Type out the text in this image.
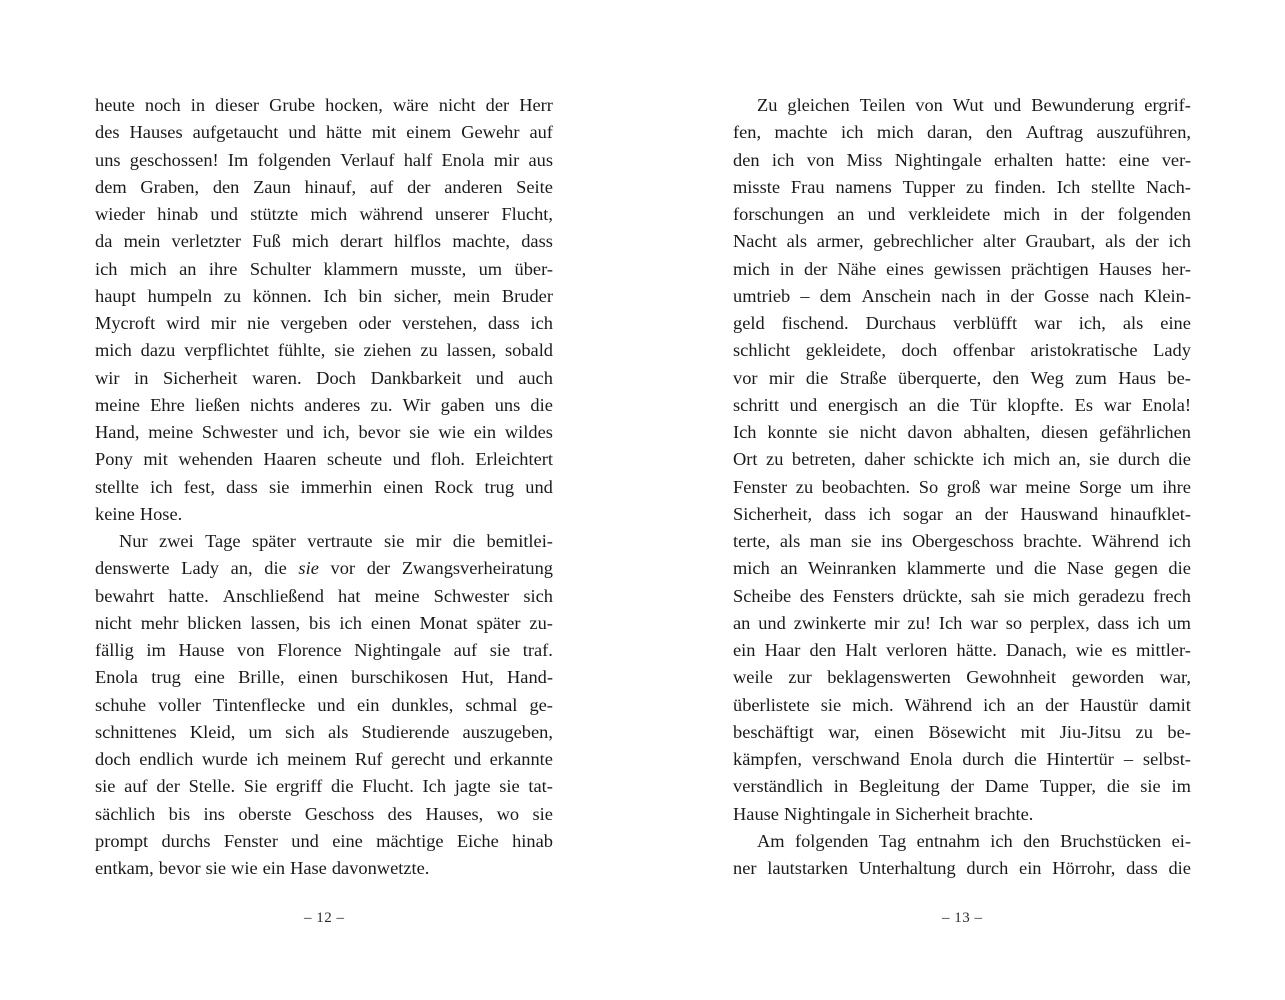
heute noch in dieser Grube hocken, wäre nicht der Herr
des Hauses aufgetaucht und hätte mit einem Gewehr auf
uns geschossen! Im folgenden Verlauf half Enola mir aus
dem Graben, den Zaun hinauf, auf der anderen Seite
wieder hinab und stützte mich während unserer Flucht,
da mein verletzter Fuß mich derart hilflos machte, dass
ich mich an ihre Schulter klammern musste, um über-
haupt humpeln zu können. Ich bin sicher, mein Bruder
Mycroft wird mir nie vergeben oder verstehen, dass ich
mich dazu verpflichtet fühlte, sie ziehen zu lassen, sobald
wir in Sicherheit waren. Doch Dankbarkeit und auch
meine Ehre ließen nichts anderes zu. Wir gaben uns die
Hand, meine Schwester und ich, bevor sie wie ein wildes
Pony mit wehenden Haaren scheute und floh. Erleichtert
stellte ich fest, dass sie immerhin einen Rock trug und
keine Hose.
Nur zwei Tage später vertraute sie mir die bemitlei-
denswerte Lady an, die sie vor der Zwangsverheiratung
bewahrt hatte. Anschließend hat meine Schwester sich
nicht mehr blicken lassen, bis ich einen Monat später zu-
fällig im Hause von Florence Nightingale auf sie traf.
Enola trug eine Brille, einen burschikosen Hut, Hand-
schuhe voller Tintenflecke und ein dunkles, schmal ge-
schnittenes Kleid, um sich als Studierende auszugeben,
doch endlich wurde ich meinem Ruf gerecht und erkannte
sie auf der Stelle. Sie ergriff die Flucht. Ich jagte sie tat-
sächlich bis ins oberste Geschoss des Hauses, wo sie
prompt durchs Fenster und eine mächtige Eiche hinab
entkam, bevor sie wie ein Hase davonwetzte.
Zu gleichen Teilen von Wut und Bewunderung ergrif-
fen, machte ich mich daran, den Auftrag auszuführen,
den ich von Miss Nightingale erhalten hatte: eine ver-
misste Frau namens Tupper zu finden. Ich stellte Nach-
forschungen an und verkleidete mich in der folgenden
Nacht als armer, gebrechlicher alter Graubart, als der ich
mich in der Nähe eines gewissen prächtigen Hauses her-
umtrieb – dem Anschein nach in der Gosse nach Klein-
geld fischend. Durchaus verblüfft war ich, als eine
schlicht gekleidete, doch offenbar aristokratische Lady
vor mir die Straße überquerte, den Weg zum Haus be-
schritt und energisch an die Tür klopfte. Es war Enola!
Ich konnte sie nicht davon abhalten, diesen gefährlichen
Ort zu betreten, daher schickte ich mich an, sie durch die
Fenster zu beobachten. So groß war meine Sorge um ihre
Sicherheit, dass ich sogar an der Hauswand hinaufklet-
terte, als man sie ins Obergeschoss brachte. Während ich
mich an Weinranken klammerte und die Nase gegen die
Scheibe des Fensters drückte, sah sie mich geradezu frech
an und zwinkerte mir zu! Ich war so perplex, dass ich um
ein Haar den Halt verloren hätte. Danach, wie es mittler-
weile zur beklagenswerten Gewohnheit geworden war,
überlistete sie mich. Während ich an der Haustür damit
beschäftigt war, einen Bösewicht mit Jiu-Jitsu zu be-
kämpfen, verschwand Enola durch die Hintertür – selbst-
verständlich in Begleitung der Dame Tupper, die sie im
Hause Nightingale in Sicherheit brachte.
Am folgenden Tag entnahm ich den Bruchstücken ei-
ner lautstarken Unterhaltung durch ein Hörrohr, dass die
– 12 –	– 13 –
